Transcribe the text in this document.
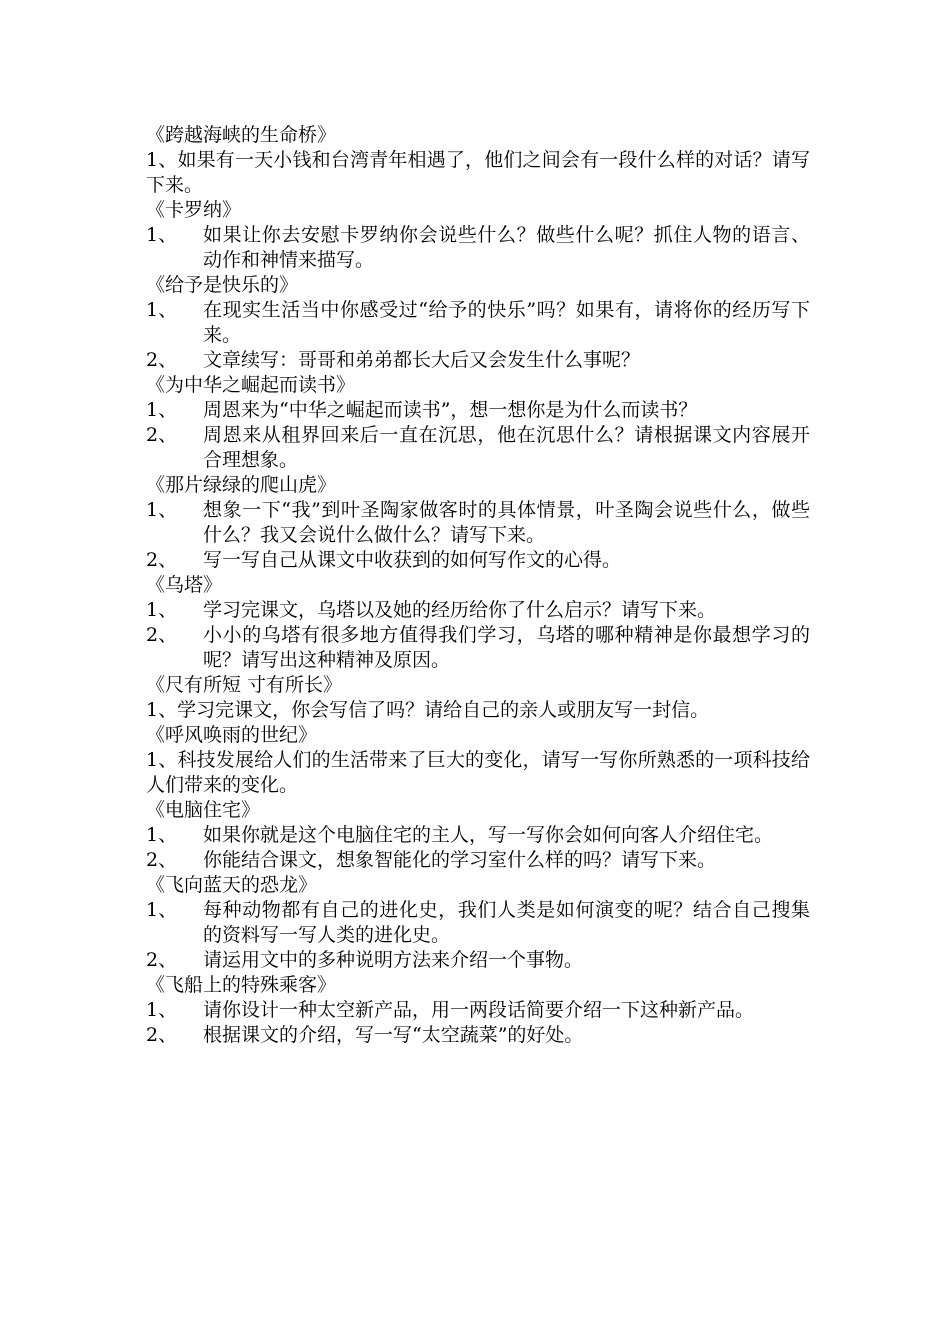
《跨越海峡的生命桥》
1、如果有一天小钱和台湾青年相遇了，他们之间会有一段什么样的对话？请写下来。
《卡罗纳》
1、	如果让你去安慰卡罗纳你会说些什么？做些什么呢？抓住人物的语言、动作和神情来描写。
《给予是快乐的》
1、	在现实生活当中你感受过“给予的快乐”吗？如果有，请将你的经历写下来。
2、	文章续写：哥哥和弟弟都长大后又会发生什么事呢？
《为中华之崛起而读书》
1、	周恩来为“中华之崛起而读书”，想一想你是为什么而读书？
2、	周恩来从租界回来后一直在沉思，他在沉思什么？请根据课文内容展开合理想象。
《那片绿绿的爬山虎》
1、	想象一下“我”到叶圣陶家做客时的具体情景，叶圣陶会说些什么，做些什么？我又会说什么做什么？请写下来。
2、	写一写自己从课文中收获到的如何写作文的心得。
《乌塔》
1、	学习完课文，乌塔以及她的经历给你了什么启示？请写下来。
2、	小小的乌塔有很多地方值得我们学习，乌塔的哪种精神是你最想学习的呢？请写出这种精神及原因。
《尺有所短 寸有所长》
1、学习完课文，你会写信了吗？请给自己的亲人或朋友写一封信。
《呼风唤雨的世纪》
1、科技发展给人们的生活带来了巨大的变化，请写一写你所熟悉的一项科技给人们带来的变化。
《电脑住宅》
1、	如果你就是这个电脑住宅的主人，写一写你会如何向客人介绍住宅。
2、	你能结合课文，想象智能化的学习室什么样的吗？请写下来。
《飞向蓝天的恐龙》
1、	每种动物都有自己的进化史，我们人类是如何演变的呢？结合自己搜集的资料写一写人类的进化史。
2、	请运用文中的多种说明方法来介绍一个事物。
《飞船上的特殊乘客》
1、	请你设计一种太空新产品，用一两段话简要介绍一下这种新产品。
2、	根据课文的介绍，写一写“太空蔬菜”的好处。
